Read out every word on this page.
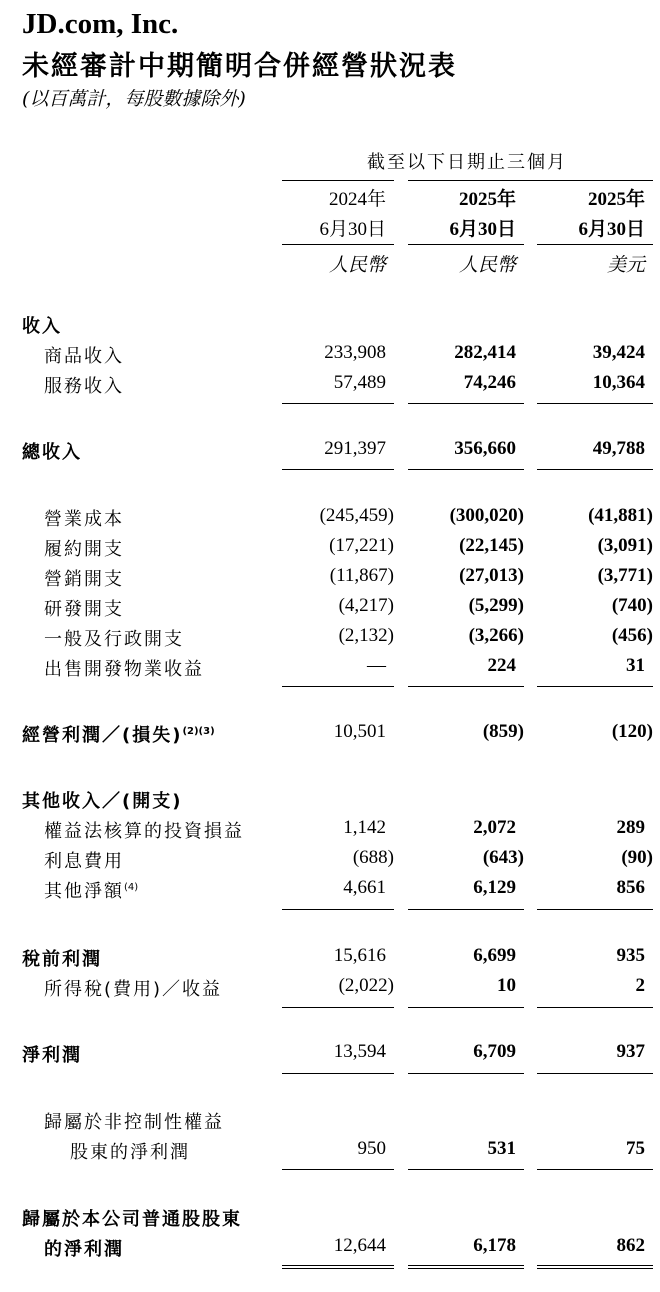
JD.com, Inc.
未經審計中期簡明合併經營狀況表
(以百萬計，每股數據除外)
截至以下日期止三個月
2024年	2025年	2025年
6月30日	6月30日	6月30日
人民幣	人民幣	美元
收入
商品收入	233,908	282,414	39,424
服務收入	57,489	74,246	10,364
總收入	291,397	356,660	49,788
營業成本	(245,459)	(300,020)	(41,881)
履約開支	(17,221)	(22,145)	(3,091)
營銷開支	(11,867)	(27,013)	(3,771)
研發開支	(4,217)	(5,299)	(740)
一般及行政開支	(2,132)	(3,266)	(456)
出售開發物業收益	—	224	31
經營利潤／(損失)$^{(2)(3)}$	10,501	(859)	(120)
其他收入／(開支)
權益法核算的投資損益	1,142	2,072	289
利息費用	(688)	(643)	(90)
其他淨額$^{(4)}$	4,661	6,129	856
稅前利潤	15,616	6,699	935
所得稅(費用)／收益	(2,022)	10	2
淨利潤	13,594	6,709	937
歸屬於非控制性權益
股東的淨利潤	950	531	75
歸屬於本公司普通股股東
的淨利潤	12,644	6,178	862
